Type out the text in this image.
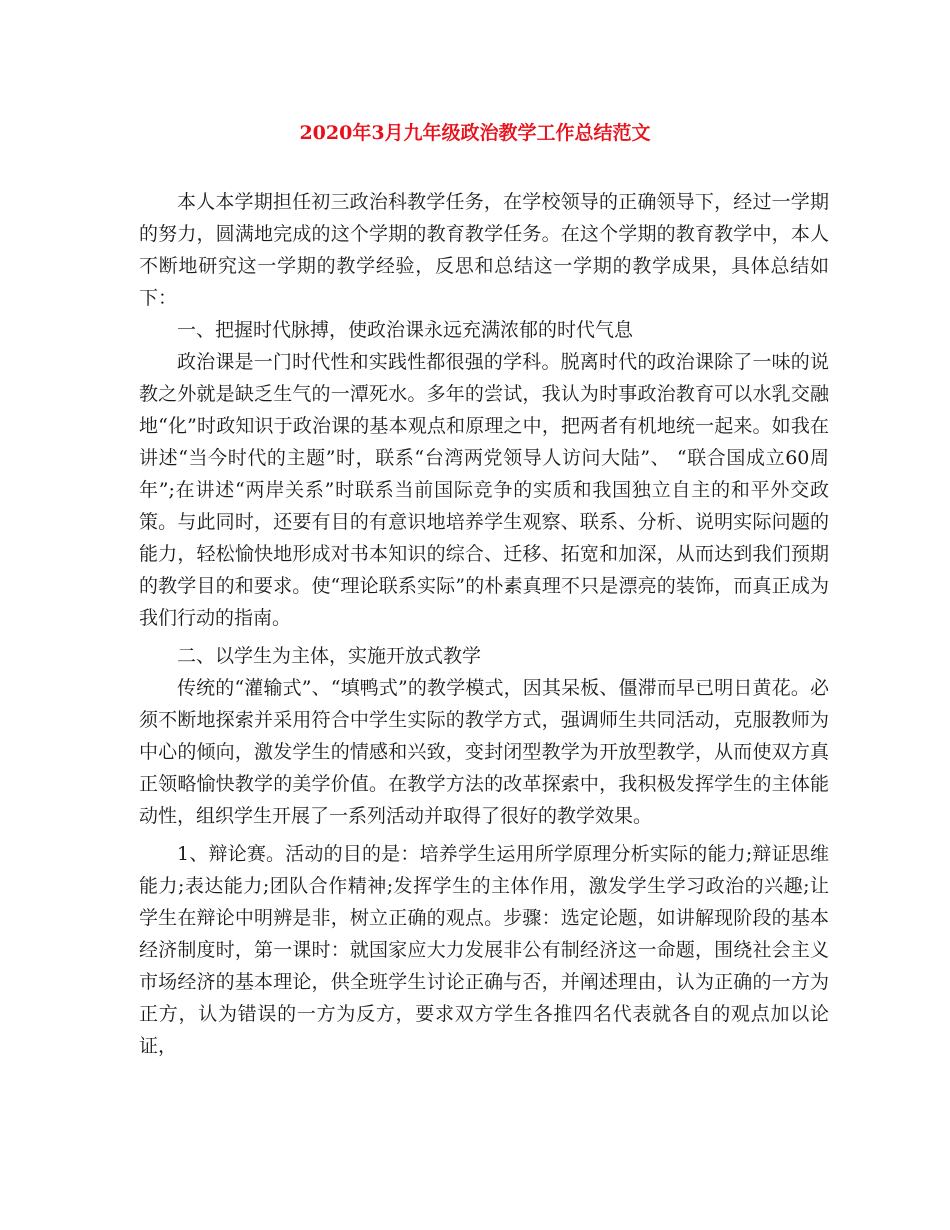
2020年3月九年级政治教学工作总结范文

本人本学期担任初三政治科教学任务，在学校领导的正确领导下，经过一学期的努力，圆满地完成的这个学期的教育教学任务。在这个学期的教育教学中，本人不断地研究这一学期的教学经验，反思和总结这一学期的教学成果，具体总结如下：

一、把握时代脉搏，使政治课永远充满浓郁的时代气息

政治课是一门时代性和实践性都很强的学科。脱离时代的政治课除了一味的说教之外就是缺乏生气的一潭死水。多年的尝试，我认为时事政治教育可以水乳交融地“化”时政知识于政治课的基本观点和原理之中，把两者有机地统一起来。如我在讲述“当今时代的主题”时，联系“台湾两党领导人访问大陆”、 “联合国成立60周年”;在讲述“两岸关系”时联系当前国际竞争的实质和我国独立自主的和平外交政策。与此同时，还要有目的有意识地培养学生观察、联系、分析、说明实际问题的能力，轻松愉快地形成对书本知识的综合、迁移、拓宽和加深，从而达到我们预期的教学目的和要求。使“理论联系实际”的朴素真理不只是漂亮的装饰，而真正成为我们行动的指南。

二、以学生为主体，实施开放式教学

传统的“灌输式”、“填鸭式”的教学模式，因其呆板、僵滞而早已明日黄花。必须不断地探索并采用符合中学生实际的教学方式，强调师生共同活动，克服教师为中心的倾向，激发学生的情感和兴致，变封闭型教学为开放型教学，从而使双方真正领略愉快教学的美学价值。在教学方法的改革探索中，我积极发挥学生的主体能动性，组织学生开展了一系列活动并取得了很好的教学效果。

1、辩论赛。活动的目的是：培养学生运用所学原理分析实际的能力;辩证思维能力;表达能力;团队合作精神;发挥学生的主体作用，激发学生学习政治的兴趣;让学生在辩论中明辨是非，树立正确的观点。步骤：选定论题，如讲解现阶段的基本经济制度时，第一课时：就国家应大力发展非公有制经济这一命题，围绕社会主义市场经济的基本理论，供全班学生讨论正确与否，并阐述理由，认为正确的一方为正方，认为错误的一方为反方，要求双方学生各推四名代表就各自的观点加以论证，
